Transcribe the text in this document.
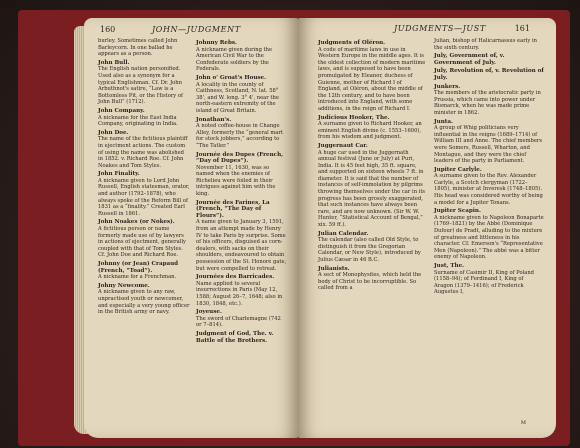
160	JOHN—JUDGMENT

burley. Sometimes called John Barleycorn. In one ballad he appears as a person.

John Bull.
The English nation personified. Used also as a synonym for a typical Englishman. Cf. Dr. John Arbuthnot's satire, “Law is a Bottomless Pit, or the History of John Bull” (1712).

John Company.
A nickname for the East India Company, originating in India.

John Doe.
The name of the fictitious plaintiff in ejectment actions. The custom of using the name was abolished in 1852. v. Richard Roe. Cf. John Noakes and Tom Styles.

John Finality.
A nickname given to Lord John Russell, English statesman, orator, and author (1792–1878), who always spoke of the Reform Bill of 1831 as a “finality.” Created Earl Russell in 1861.

John Noakes (or Nokes).
A fictitious person or name formerly made use of by lawyers in actions of ejectment, generally coupled with that of Tom Styles. Cf. John Doe and Richard Roe.

Johnny (or Jean) Crapaud (French, “Toad”).
A nickname for a Frenchman.

Johny Newcome.
A nickname given to any raw, unpractised youth or newcomer, and especially a very young officer in the British army or navy.

Johnny Rebs.
A nickname given during the American Civil War to the Confederate soldiers by the Federals.

John o' Groat's House.
A locality in the county of Caithness, Scotland, N. lat. 58° 38', and W. long. 3° 4', near the north-eastern extremity of the island of Great Britain.

Jonathan's.
A noted coffee-house in Change Alley, formerly the “general mart for stock jobbers,” according to “The Tatler.”

Journée des Dupes (French, “Day of Dupes”).
November 11, 1630, was so named when the enemies of Richelieu were foiled in their intrigues against him with the king.

Journée des Farines, La (French, “The Day of Flours”).
A name given to January 3, 1591, from an attempt made by Henry IV to take Paris by surprise. Some of his officers, disguised as corn-dealers, with sacks on their shoulders, endeavoured to obtain possession of the St. Honoré gate, but were compelled to retreat.

Journées des Barricades.
Name applied to several insurrections in Paris (May 12, 1588; August 26–7, 1648; also in 1830, 1848, etc.).

Joyeuse.
The sword of Charlemagne (742 or 7–814).

Judgment of God, The. v. Battle of the Brothers.

JUDGMENTS—JUST	161

Judgments of Oléron.
A code of maritime laws in use in Western Europe in the middle ages. It is the oldest collection of modern maritime laws, and is supposed to have been promulgated by Eleanor, duchess of Guienne, mother of Richard I of England, at Oléron, about the middle of the 12th century, and to have been introduced into England, with some additions, in the reign of Richard I.

Judicious Hooker, The.
A surname given to Richard Hooker, an eminent English divine (c. 1553–1600), from his wisdom and judgment.

Juggernaut Car.
A huge car used in the Juggernath annual festival (June or July) at Puri, India. It is 45 feet high, 35 ft. square, and supported on sixteen wheels 7 ft. in diameter. It is said that the number of instances of self-immolation by pilgrims throwing themselves under the car in its progress has been grossly exaggerated, that such instances have always been rare, and are now unknown. (Sir W. W. Hunter, “Statistical Account of Bengal,” xix. 59 ff.).

Julian Calendar.
The calendar (also called Old Style, to distinguish it from the Gregorian Calendar, or New Style), introduced by Julius Cæsar in 46 B.C.

Julianists.
A sect of Monophysites, which held the body of Christ to be incorruptible. So called from a

Julian, bishop of Halicarnassus early in the sixth century.

July, Government of, v. Government of July.

July, Revolution of, v. Revolution of July.

Junkers.
The members of the aristocratic party in Prussia, which came into power under Bismarck, when he was made prime minister in 1862.

Junta.
A group of Whig politicians very influential in the reigns (1689–1714) of William III and Anne. The chief members were Somers, Russell, Wharton, and Montague, and they were the chief leaders of the party in Parliament.

Jupiter Carlyle.
A surname given to the Rev. Alexander Carlyle, a Scotch clergyman (1722–1805), minister at Inveresk (1748–1805). His head was considered worthy of being a model for a Jupiter Tonans.

Jupiter Scapin.
A nickname given to Napoleon Bonaparte (1769–1821) by the Abbé (Dominique Dufour) de Pradt, alluding to the mixture of greatness and littleness in his character. Cf. Emerson's “Representative Men (Napoleon).” The abbé was a bitter enemy of Napoleon.

Just, The.
Surname of Casimir II, King of Poland (1158–94); of Ferdinand I, King of Aragon (1379–1416); of Frederick Augustus I,

M
